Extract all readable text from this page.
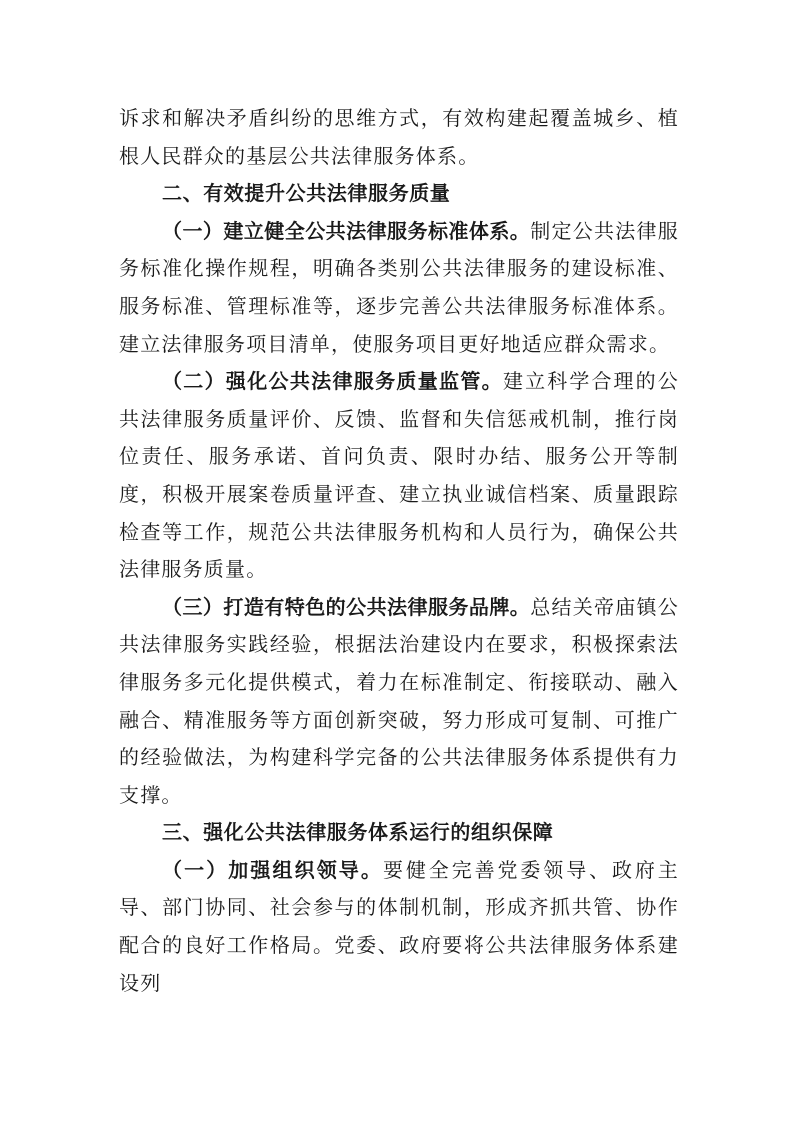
诉求和解决矛盾纠纷的思维方式，有效构建起覆盖城乡、植根人民群众的基层公共法律服务体系。

二、有效提升公共法律服务质量

（一）建立健全公共法律服务标准体系。制定公共法律服务标准化操作规程，明确各类别公共法律服务的建设标准、服务标准、管理标准等，逐步完善公共法律服务标准体系。建立法律服务项目清单，使服务项目更好地适应群众需求。

（二）强化公共法律服务质量监管。建立科学合理的公共法律服务质量评价、反馈、监督和失信惩戒机制，推行岗位责任、服务承诺、首问负责、限时办结、服务公开等制度，积极开展案卷质量评查、建立执业诚信档案、质量跟踪检查等工作，规范公共法律服务机构和人员行为，确保公共法律服务质量。

（三）打造有特色的公共法律服务品牌。总结关帝庙镇公共法律服务实践经验，根据法治建设内在要求，积极探索法律服务多元化提供模式，着力在标准制定、衔接联动、融入融合、精准服务等方面创新突破，努力形成可复制、可推广的经验做法，为构建科学完备的公共法律服务体系提供有力支撑。

三、强化公共法律服务体系运行的组织保障

（一）加强组织领导。要健全完善党委领导、政府主导、部门协同、社会参与的体制机制，形成齐抓共管、协作配合的良好工作格局。党委、政府要将公共法律服务体系建设列
